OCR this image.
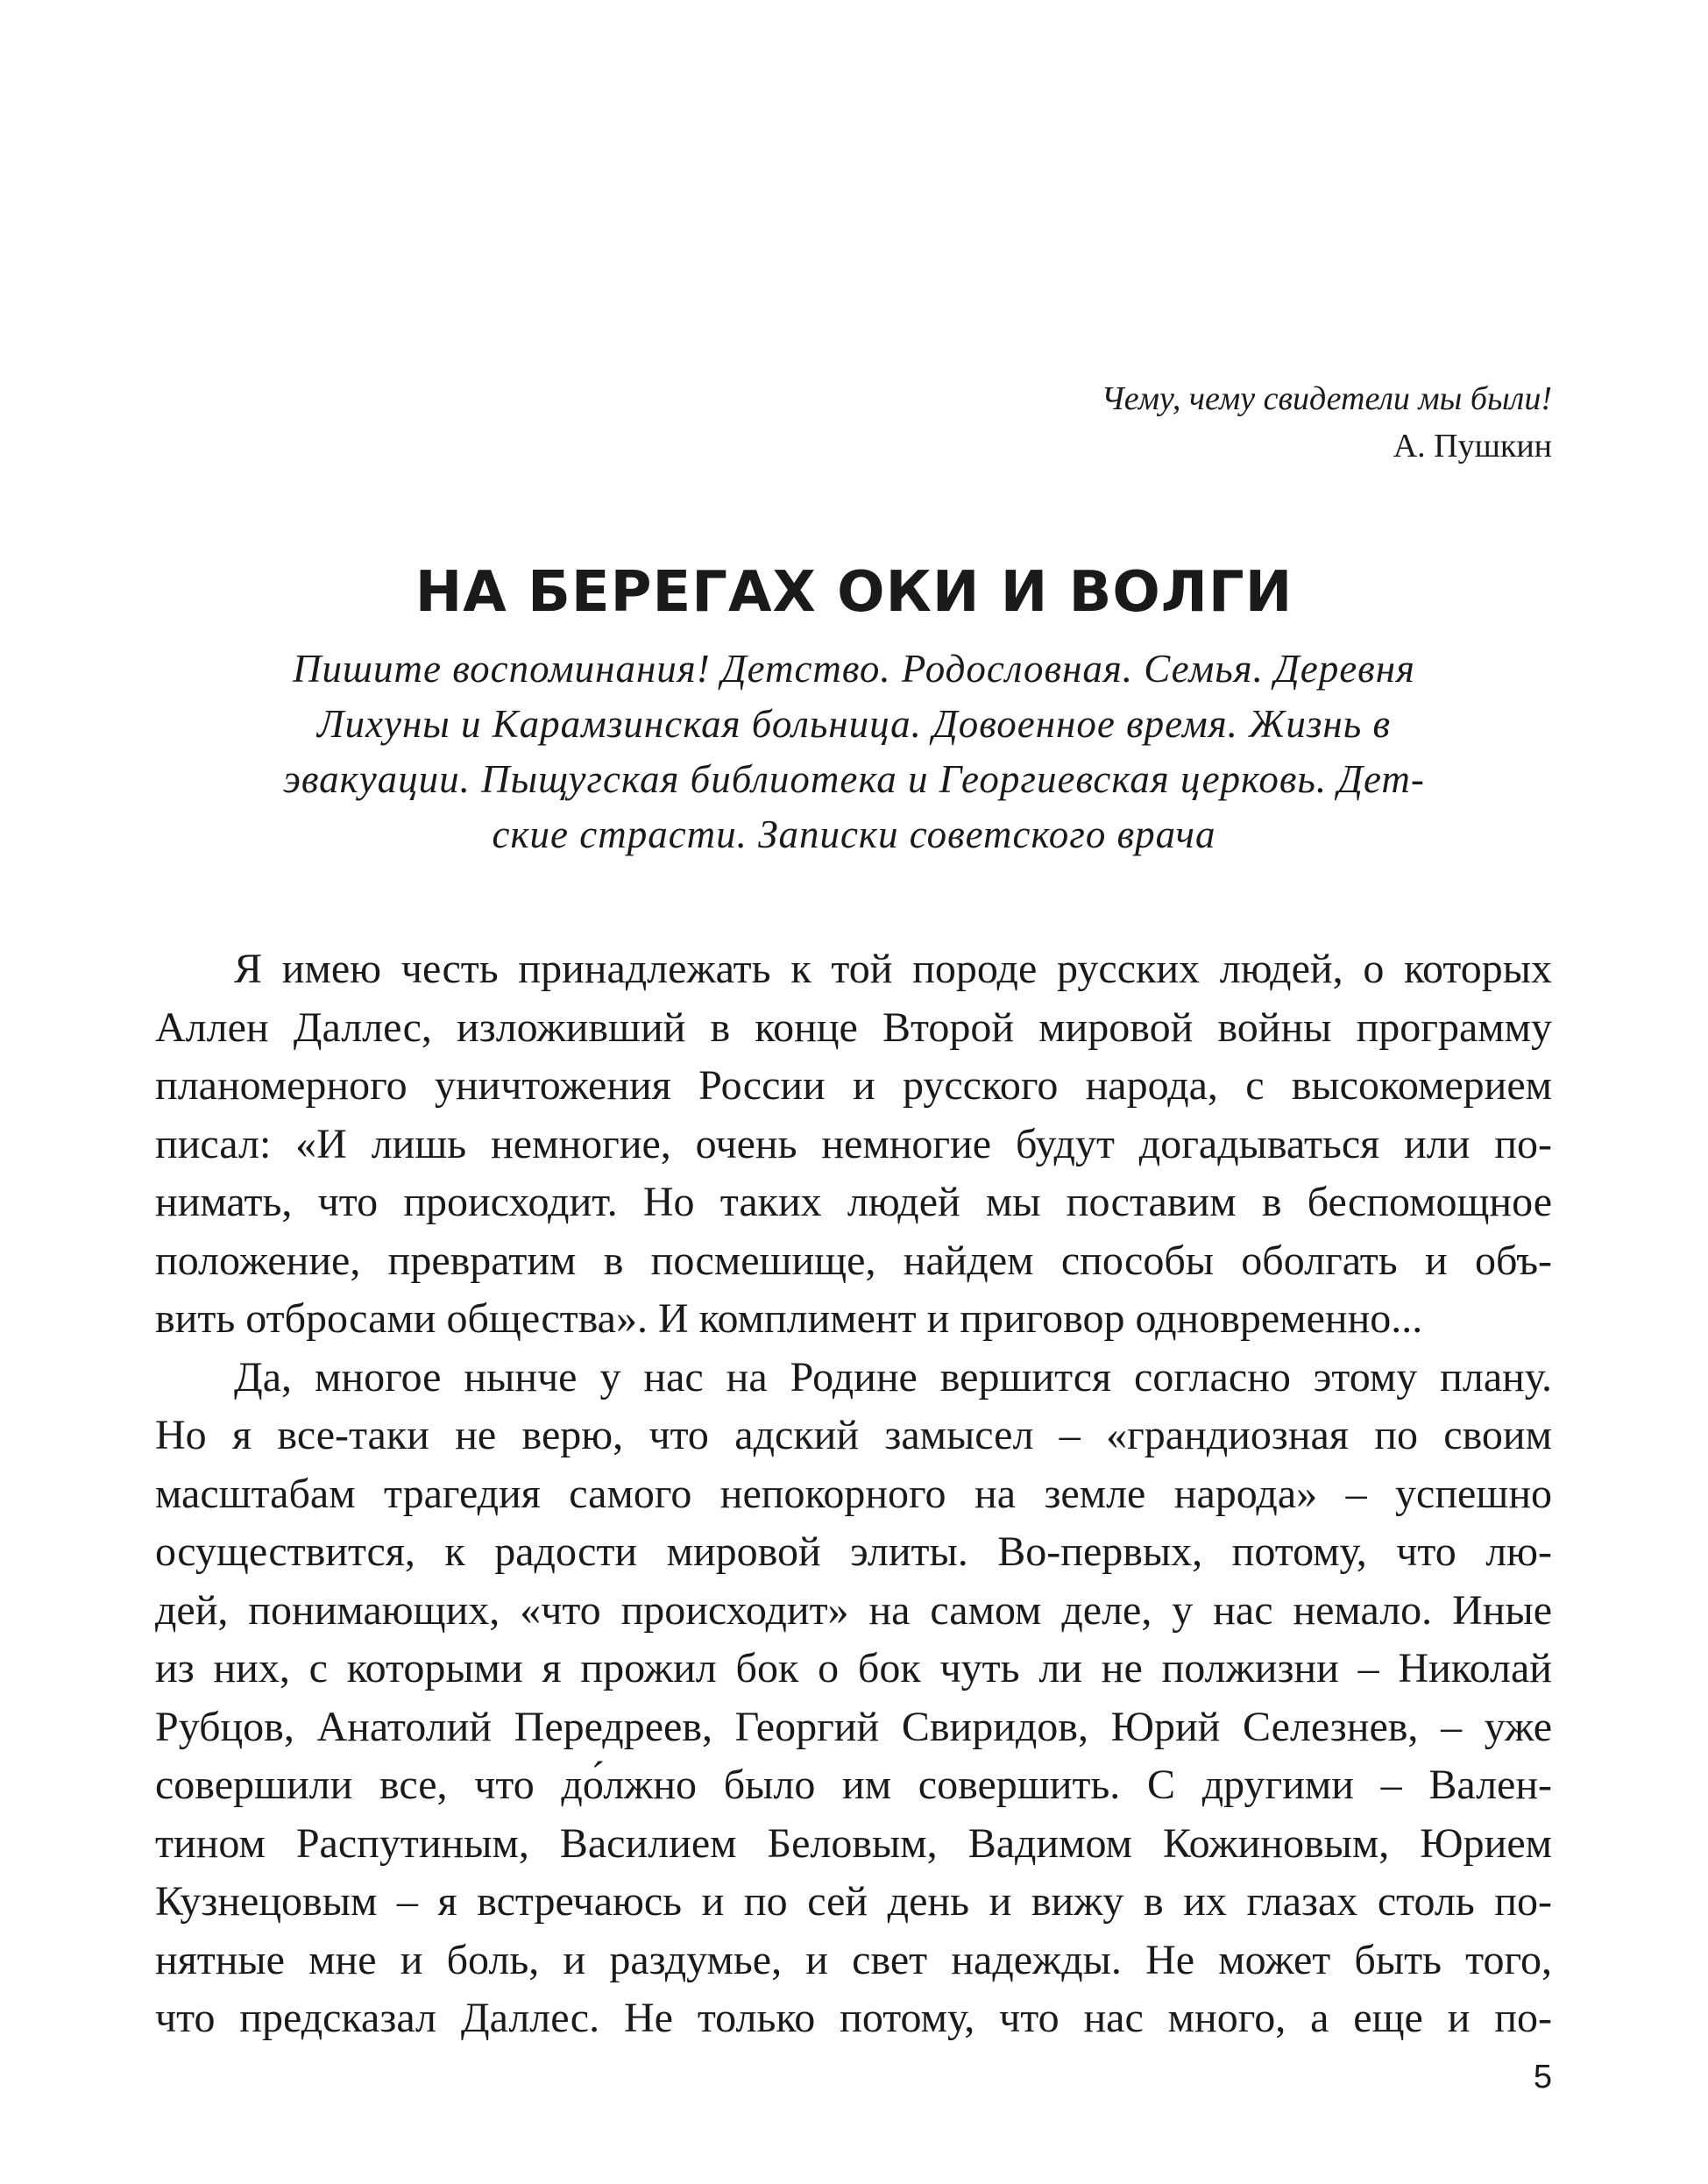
Чему, чему свидетели мы были!
А. Пушкин
НА БЕРЕГАХ ОКИ И ВОЛГИ
Пишите воспоминания! Детство. Родословная. Семья. Деревня
Лихуны и Карамзинская больница. Довоенное время. Жизнь в
эвакуации. Пыщугская библиотека и Георгиевская церковь. Дет-
ские страсти. Записки советского врача
Я имею честь принадлежать к той породе русских людей, о которых
Аллен Даллес, изложивший в конце Второй мировой войны программу
планомерного уничтожения России и русского народа, с высокомерием
писал: «И лишь немногие, очень немногие будут догадываться или по-
нимать, что происходит. Но таких людей мы поставим в беспомощное
положение, превратим в посмешище, найдем способы оболгать и объ-
вить отбросами общества». И комплимент и приговор одновременно...
Да, многое нынче у нас на Родине вершится согласно этому плану.
Но я все-таки не верю, что адский замысел – «грандиозная по своим
масштабам трагедия самого непокорного на земле народа» – успешно
осуществится, к радости мировой элиты. Во-первых, потому, что лю-
дей, понимающих, «что происходит» на самом деле, у нас немало. Иные
из них, с которыми я прожил бок о бок чуть ли не полжизни – Николай
Рубцов, Анатолий Передреев, Георгий Свиридов, Юрий Селезнев, – уже
совершили все, что до́лжно было им совершить. С другими – Вален-
тином Распутиным, Василием Беловым, Вадимом Кожиновым, Юрием
Кузнецовым – я встречаюсь и по сей день и вижу в их глазах столь по-
нятные мне и боль, и раздумье, и свет надежды. Не может быть того,
что предсказал Даллес. Не только потому, что нас много, а еще и по-
5
